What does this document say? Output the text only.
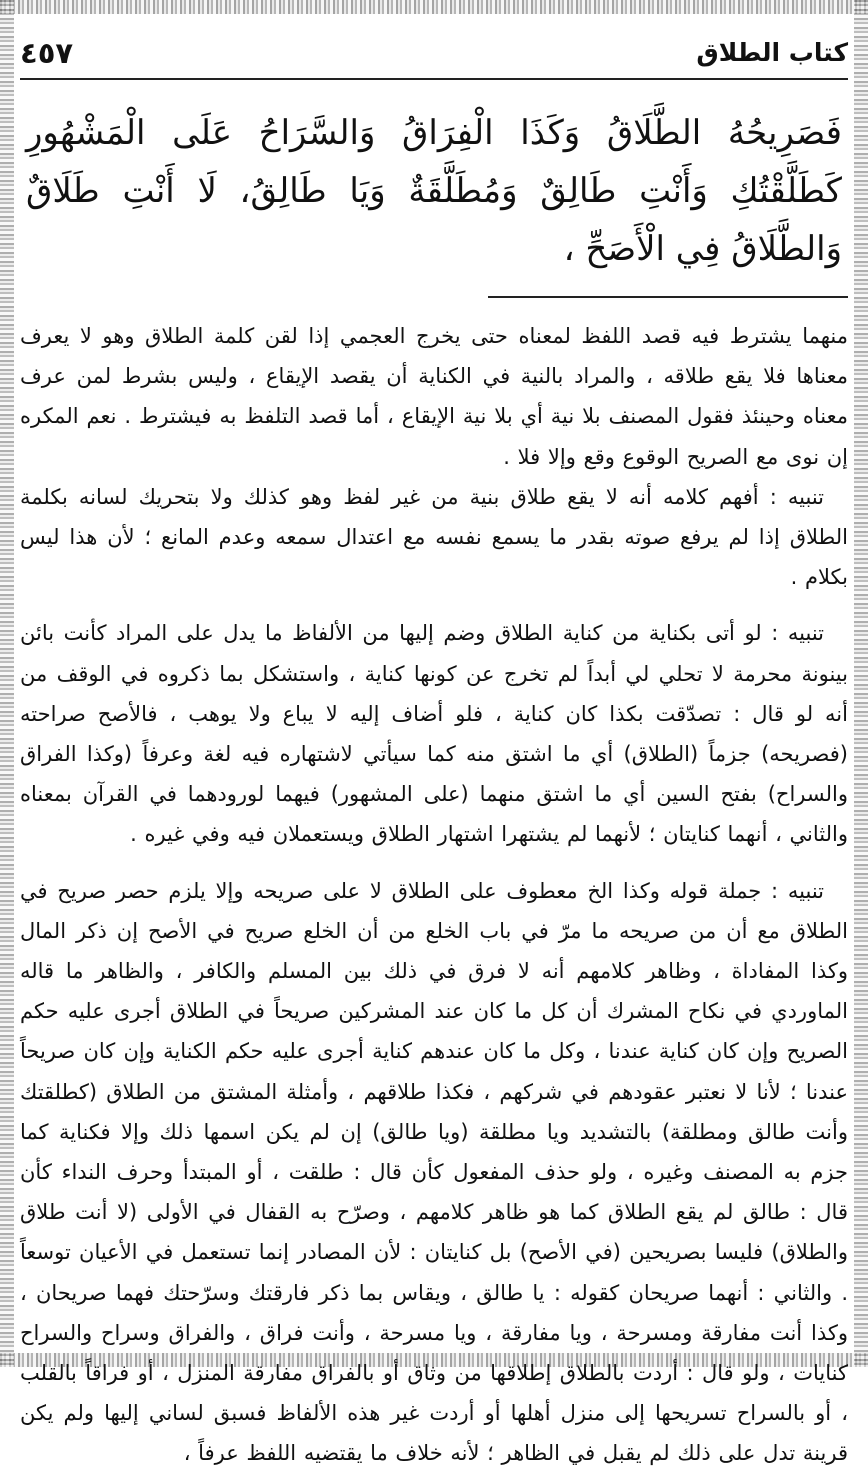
كتاب الطلاق
٤٥٧

فَصَرِيحُهُ الطَّلَاقُ وَكَذَا الْفِرَاقُ وَالسَّرَاحُ عَلَى الْمَشْهُورِ كَطَلَّقْتُكِ وَأَنْتِ طَالِقٌ وَمُطَلَّقَةٌ وَيَا طَالِقُ، لَا أَنْتِ طَلَاقٌ وَالطَّلَاقُ فِي الْأَصَحِّ ،

منهما يشترط فيه قصد اللفظ لمعناه حتى يخرج العجمي إذا لقن كلمة الطلاق وهو لا يعرف معناها فلا يقع طلاقه ، والمراد بالنية في الكناية أن يقصد الإيقاع ، وليس بشرط لمن عرف معناه وحينئذ فقول المصنف بلا نية أي بلا نية الإيقاع ، أما قصد التلفظ به فيشترط . نعم المكره إن نوى مع الصريح الوقوع وقع وإلا فلا .

تنبيه : أفهم كلامه أنه لا يقع طلاق بنية من غير لفظ وهو كذلك ولا بتحريك لسانه بكلمة الطلاق إذا لم يرفع صوته بقدر ما يسمع نفسه مع اعتدال سمعه وعدم المانع ؛ لأن هذا ليس بكلام .

تنبيه : لو أتى بكناية من كناية الطلاق وضم إليها من الألفاظ ما يدل على المراد كأنت بائن بينونة محرمة لا تحلي لي أبداً لم تخرج عن كونها كناية ، واستشكل بما ذكروه في الوقف من أنه لو قال : تصدّقت بكذا كان كناية ، فلو أضاف إليه لا يباع ولا يوهب ، فالأصح صراحته (فصريحه) جزماً (الطلاق) أي ما اشتق منه كما سيأتي لاشتهاره فيه لغة وعرفاً (وكذا الفراق والسراح) بفتح السين أي ما اشتق منهما (على المشهور) فيهما لورودهما في القرآن بمعناه والثاني ، أنهما كنايتان ؛ لأنهما لم يشتهرا اشتهار الطلاق ويستعملان فيه وفي غيره .

تنبيه : جملة قوله وكذا الخ معطوف على الطلاق لا على صريحه وإلا يلزم حصر صريح في الطلاق مع أن من صريحه ما مرّ في باب الخلع من أن الخلع صريح في الأصح إن ذكر المال وكذا المفاداة ، وظاهر كلامهم أنه لا فرق في ذلك بين المسلم والكافر ، والظاهر ما قاله الماوردي في نكاح المشرك أن كل ما كان عند المشركين صريحاً في الطلاق أجرى عليه حكم الصريح وإن كان كناية عندنا ، وكل ما كان عندهم كناية أجرى عليه حكم الكناية وإن كان صريحاً عندنا ؛ لأنا لا نعتبر عقودهم في شركهم ، فكذا طلاقهم ، وأمثلة المشتق من الطلاق (كطلقتك وأنت طالق ومطلقة) بالتشديد ويا مطلقة (ويا طالق) إن لم يكن اسمها ذلك وإلا فكناية كما جزم به المصنف وغيره ، ولو حذف المفعول كأن قال : طلقت ، أو المبتدأ وحرف النداء كأن قال : طالق لم يقع الطلاق كما هو ظاهر كلامهم ، وصرّح به القفال في الأولى (لا أنت طلاق والطلاق) فليسا بصريحين (في الأصح) بل كنايتان : لأن المصادر إنما تستعمل في الأعيان توسعاً . والثاني : أنهما صريحان كقوله : يا طالق ، ويقاس بما ذكر فارقتك وسرّحتك فهما صريحان ، وكذا أنت مفارقة ومسرحة ، ويا مفارقة ، ويا مسرحة ، وأنت فراق ، والفراق وسراح والسراح كنايات ، ولو قال : أردت بالطلاق إطلاقها من وثاق أو بالفراق مفارقة المنزل ، أو فراقاً بالقلب ، أو بالسراح تسريحها إلى منزل أهلها أو أردت غير هذه الألفاظ فسبق لساني إليها ولم يكن قرينة تدل على ذلك لم يقبل في الظاهر ؛ لأنه خلاف ما يقتضيه اللفظ عرفاً ،
